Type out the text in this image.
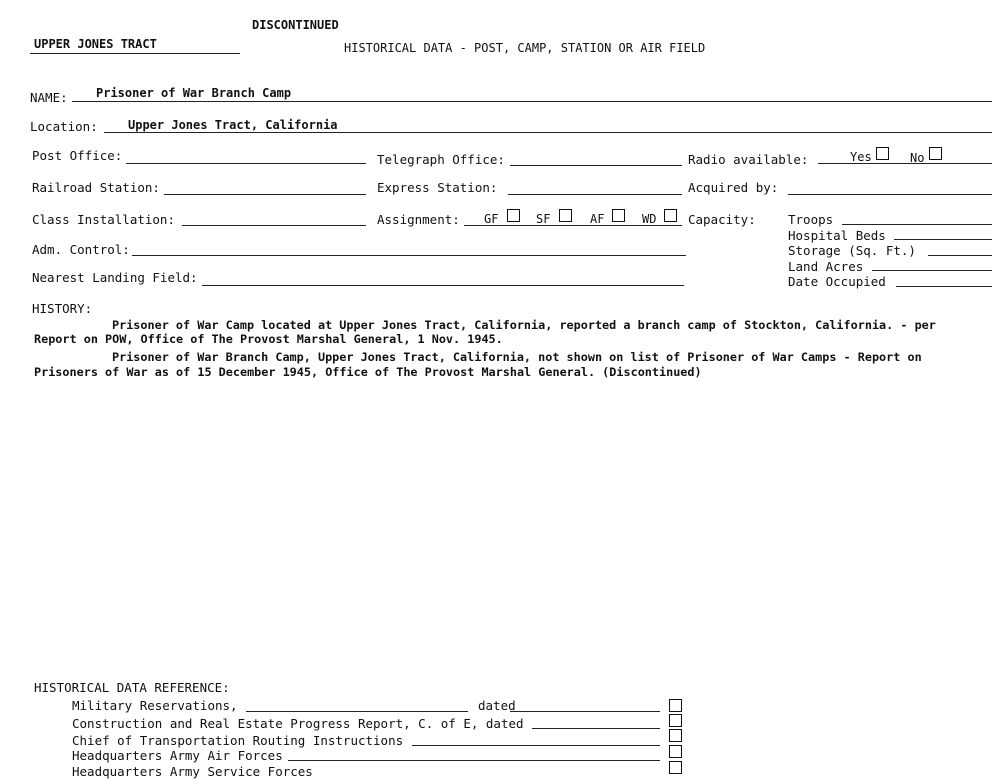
UPPER JONES TRACT
DISCONTINUED
HISTORICAL DATA - POST, CAMP, STATION OR AIR FIELD
NAME: Prisoner of War Branch Camp
Location:	Upper Jones Tract, California
Post Office:	Telegraph Office:	Radio available:	Yes	No
Railroad Station:	Express Station:	Acquired by:
Class Installation:	Assignment: GF	SF	AF	WD	Capacity:	Troops
Hospital Beds
Storage (Sq. Ft.)
Land Acres
Date Occupied
Adm. Control:
Nearest Landing Field:
HISTORY:
Prisoner of War Camp located at Upper Jones Tract, California, reported a branch camp of Stockton, California. - per
Report on POW, Office of The Provost Marshal General, 1 Nov. 1945.
Prisoner of War Branch Camp, Upper Jones Tract, California, not shown on list of Prisoner of War Camps - Report on
Prisoners of War as of 15 December 1945, Office of The Provost Marshal General. (Discontinued)
HISTORICAL DATA REFERENCE:
Military Reservations,	dated
Construction and Real Estate Progress Report, C. of E, dated
Chief of Transportation Routing Instructions
Headquarters Army Air Forces
Headquarters Army Service Forces
